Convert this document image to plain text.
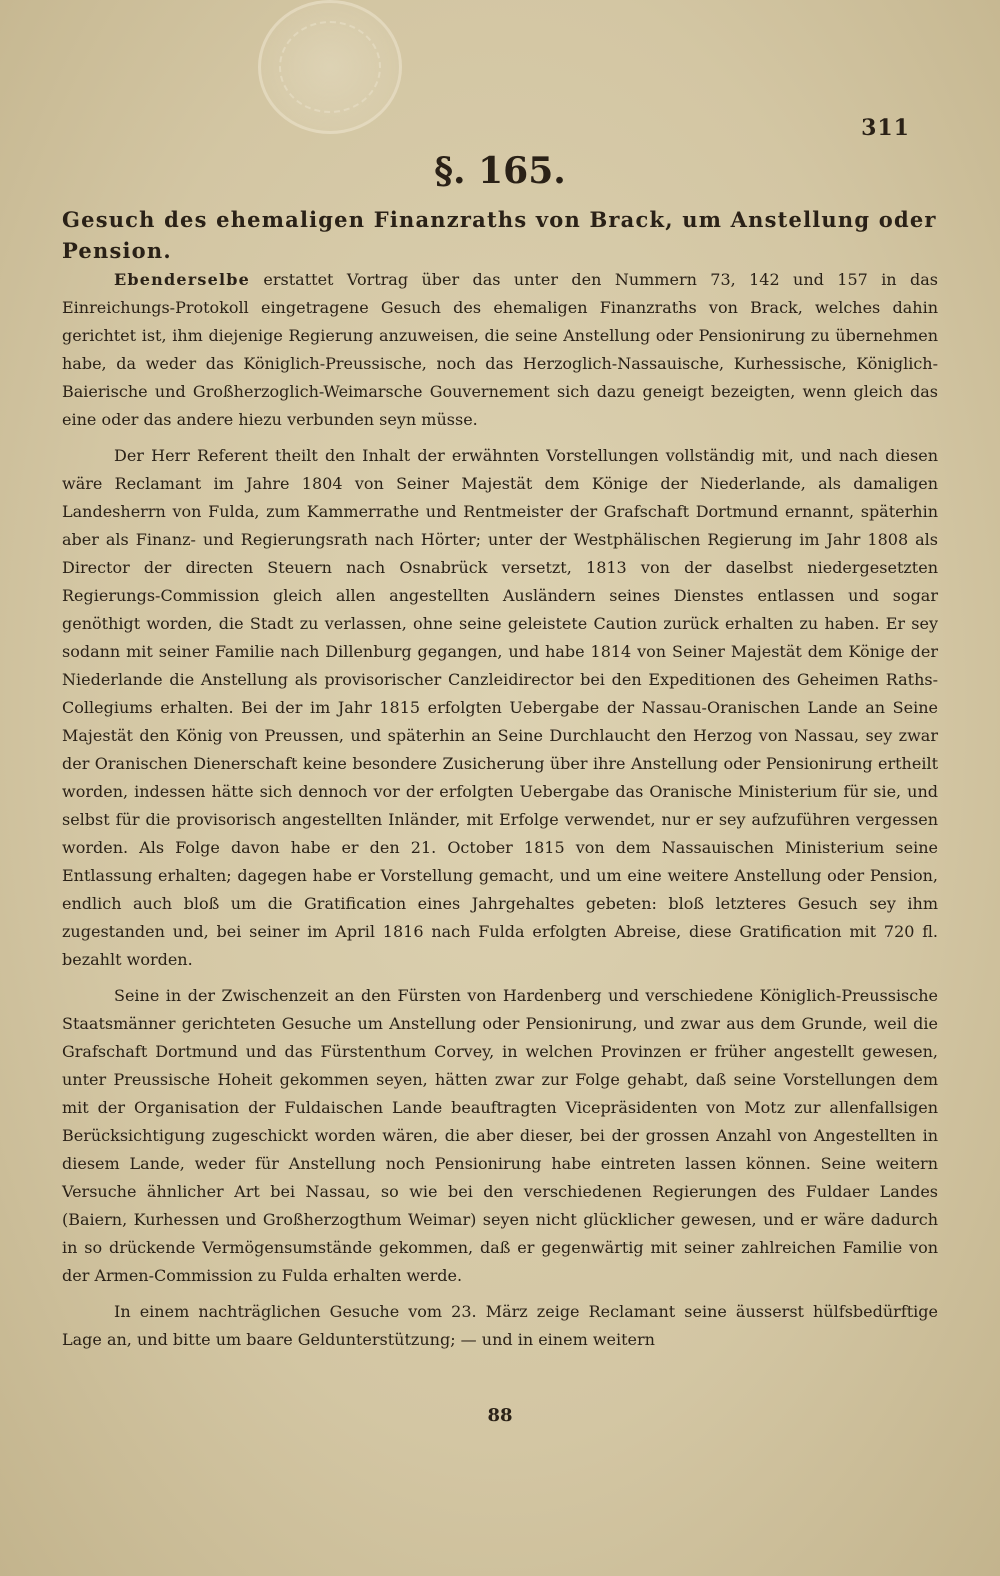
311
§. 165.
Gesuch des ehemaligen Finanzraths von Brack, um Anstellung oder Pension.

Ebenderselbe erstattet Vortrag über das unter den Nummern 73, 142 und 157 in das Einreichungs-Protokoll eingetragene Gesuch des ehemaligen Finanzraths von Brack, welches dahin gerichtet ist, ihm diejenige Regierung anzuweisen, die seine Anstellung oder Pensionirung zu übernehmen habe, da weder das Königlich-Preussische, noch das Herzoglich-Nassauische, Kurhessische, Königlich-Baierische und Großherzoglich-Weimarsche Gouvernement sich dazu geneigt bezeigten, wenn gleich das eine oder das andere hiezu verbunden seyn müsse.

Der Herr Referent theilt den Inhalt der erwähnten Vorstellungen vollständig mit, und nach diesen wäre Reclamant im Jahre 1804 von Seiner Majestät dem Könige der Niederlande, als damaligen Landesherrn von Fulda, zum Kammerrathe und Rentmeister der Grafschaft Dortmund ernannt, späterhin aber als Finanz- und Regierungsrath nach Hörter; unter der Westphälischen Regierung im Jahr 1808 als Director der directen Steuern nach Osnabrück versetzt, 1813 von der daselbst niedergesetzten Regierungs-Commission gleich allen angestellten Ausländern seines Dienstes entlassen und sogar genöthigt worden, die Stadt zu verlassen, ohne seine geleistete Caution zurück erhalten zu haben. Er sey sodann mit seiner Familie nach Dillenburg gegangen, und habe 1814 von Seiner Majestät dem Könige der Niederlande die Anstellung als provisorischer Canzleidirector bei den Expeditionen des Geheimen Raths-Collegiums erhalten. Bei der im Jahr 1815 erfolgten Uebergabe der Nassau-Oranischen Lande an Seine Majestät den König von Preussen, und späterhin an Seine Durchlaucht den Herzog von Nassau, sey zwar der Oranischen Dienerschaft keine besondere Zusicherung über ihre Anstellung oder Pensionirung ertheilt worden, indessen hätte sich dennoch vor der erfolgten Uebergabe das Oranische Ministerium für sie, und selbst für die provisorisch angestellten Inländer, mit Erfolge verwendet, nur er sey aufzuführen vergessen worden. Als Folge davon habe er den 21. October 1815 von dem Nassauischen Ministerium seine Entlassung erhalten; dagegen habe er Vorstellung gemacht, und um eine weitere Anstellung oder Pension, endlich auch bloß um die Gratification eines Jahrgehaltes gebeten: bloß letzteres Gesuch sey ihm zugestanden und, bei seiner im April 1816 nach Fulda erfolgten Abreise, diese Gratification mit 720 fl. bezahlt worden.

Seine in der Zwischenzeit an den Fürsten von Hardenberg und verschiedene Königlich-Preussische Staatsmänner gerichteten Gesuche um Anstellung oder Pensionirung, und zwar aus dem Grunde, weil die Grafschaft Dortmund und das Fürstenthum Corvey, in welchen Provinzen er früher angestellt gewesen, unter Preussische Hoheit gekommen seyen, hätten zwar zur Folge gehabt, daß seine Vorstellungen dem mit der Organisation der Fuldaischen Lande beauftragten Vicepräsidenten von Motz zur allenfallsigen Berücksichtigung zugeschickt worden wären, die aber dieser, bei der grossen Anzahl von Angestellten in diesem Lande, weder für Anstellung noch Pensionirung habe eintreten lassen können. Seine weitern Versuche ähnlicher Art bei Nassau, so wie bei den verschiedenen Regierungen des Fuldaer Landes (Baiern, Kurhessen und Großherzogthum Weimar) seyen nicht glücklicher gewesen, und er wäre dadurch in so drückende Vermögensumstände gekommen, daß er gegenwärtig mit seiner zahlreichen Familie von der Armen-Commission zu Fulda erhalten werde.

In einem nachträglichen Gesuche vom 23. März zeige Reclamant seine äusserst hülfsbedürftige Lage an, und bitte um baare Geldunterstützung; — und in einem weitern

88
